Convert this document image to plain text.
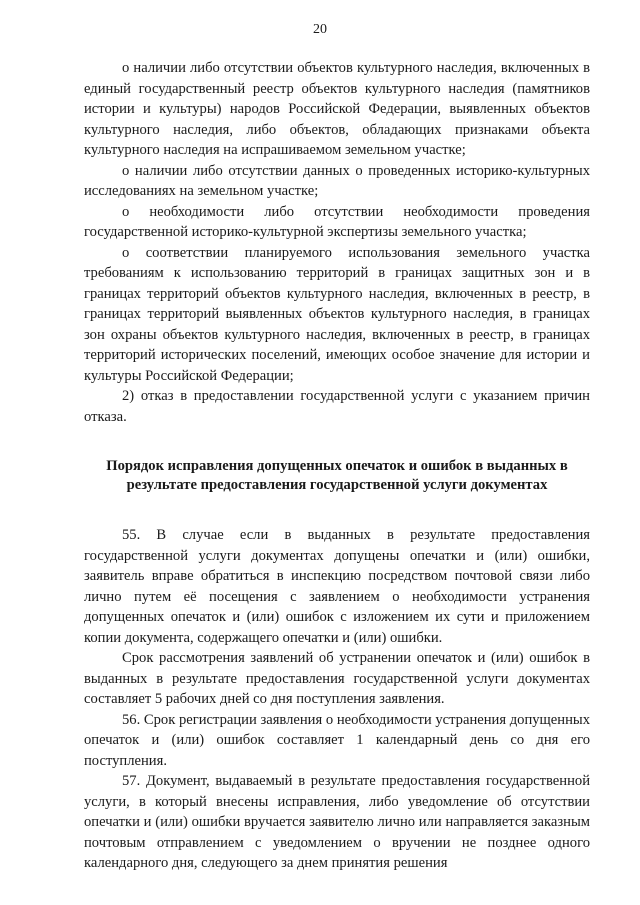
20

о наличии либо отсутствии объектов культурного наследия, включенных в единый государственный реестр объектов культурного наследия (памятников истории и культуры) народов Российской Федерации, выявленных объектов культурного наследия, либо объектов, обладающих признаками объекта культурного наследия на испрашиваемом земельном участке;

о наличии либо отсутствии данных о проведенных историко-культурных исследованиях на земельном участке;

о необходимости либо отсутствии необходимости проведения государственной историко-культурной экспертизы земельного участка;

о соответствии планируемого использования земельного участка требованиям к использованию территорий в границах защитных зон и в границах территорий объектов культурного наследия, включенных в реестр, в границах территорий выявленных объектов культурного наследия, в границах зон охраны объектов культурного наследия, включенных в реестр, в границах территорий исторических поселений, имеющих особое значение для истории и культуры Российской Федерации;

2) отказ в предоставлении государственной услуги с указанием причин отказа.

Порядок исправления допущенных опечаток и ошибок в выданных в результате предоставления государственной услуги документах

55. В случае если в выданных в результате предоставления государственной услуги документах допущены опечатки и (или) ошибки, заявитель вправе обратиться в инспекцию посредством почтовой связи либо лично путем её посещения с заявлением о необходимости устранения допущенных опечаток и (или) ошибок с изложением их сути и приложением копии документа, содержащего опечатки и (или) ошибки.

Срок рассмотрения заявлений об устранении опечаток и (или) ошибок в выданных в результате предоставления государственной услуги документах составляет 5 рабочих дней со дня поступления заявления.

56. Срок регистрации заявления о необходимости устранения допущенных опечаток и (или) ошибок составляет 1 календарный день со дня его поступления.

57. Документ, выдаваемый в результате предоставления государственной услуги, в который внесены исправления, либо уведомление об отсутствии опечатки и (или) ошибки вручается заявителю лично или направляется заказным почтовым отправлением с уведомлением о вручении не позднее одного календарного дня, следующего за днем принятия решения
